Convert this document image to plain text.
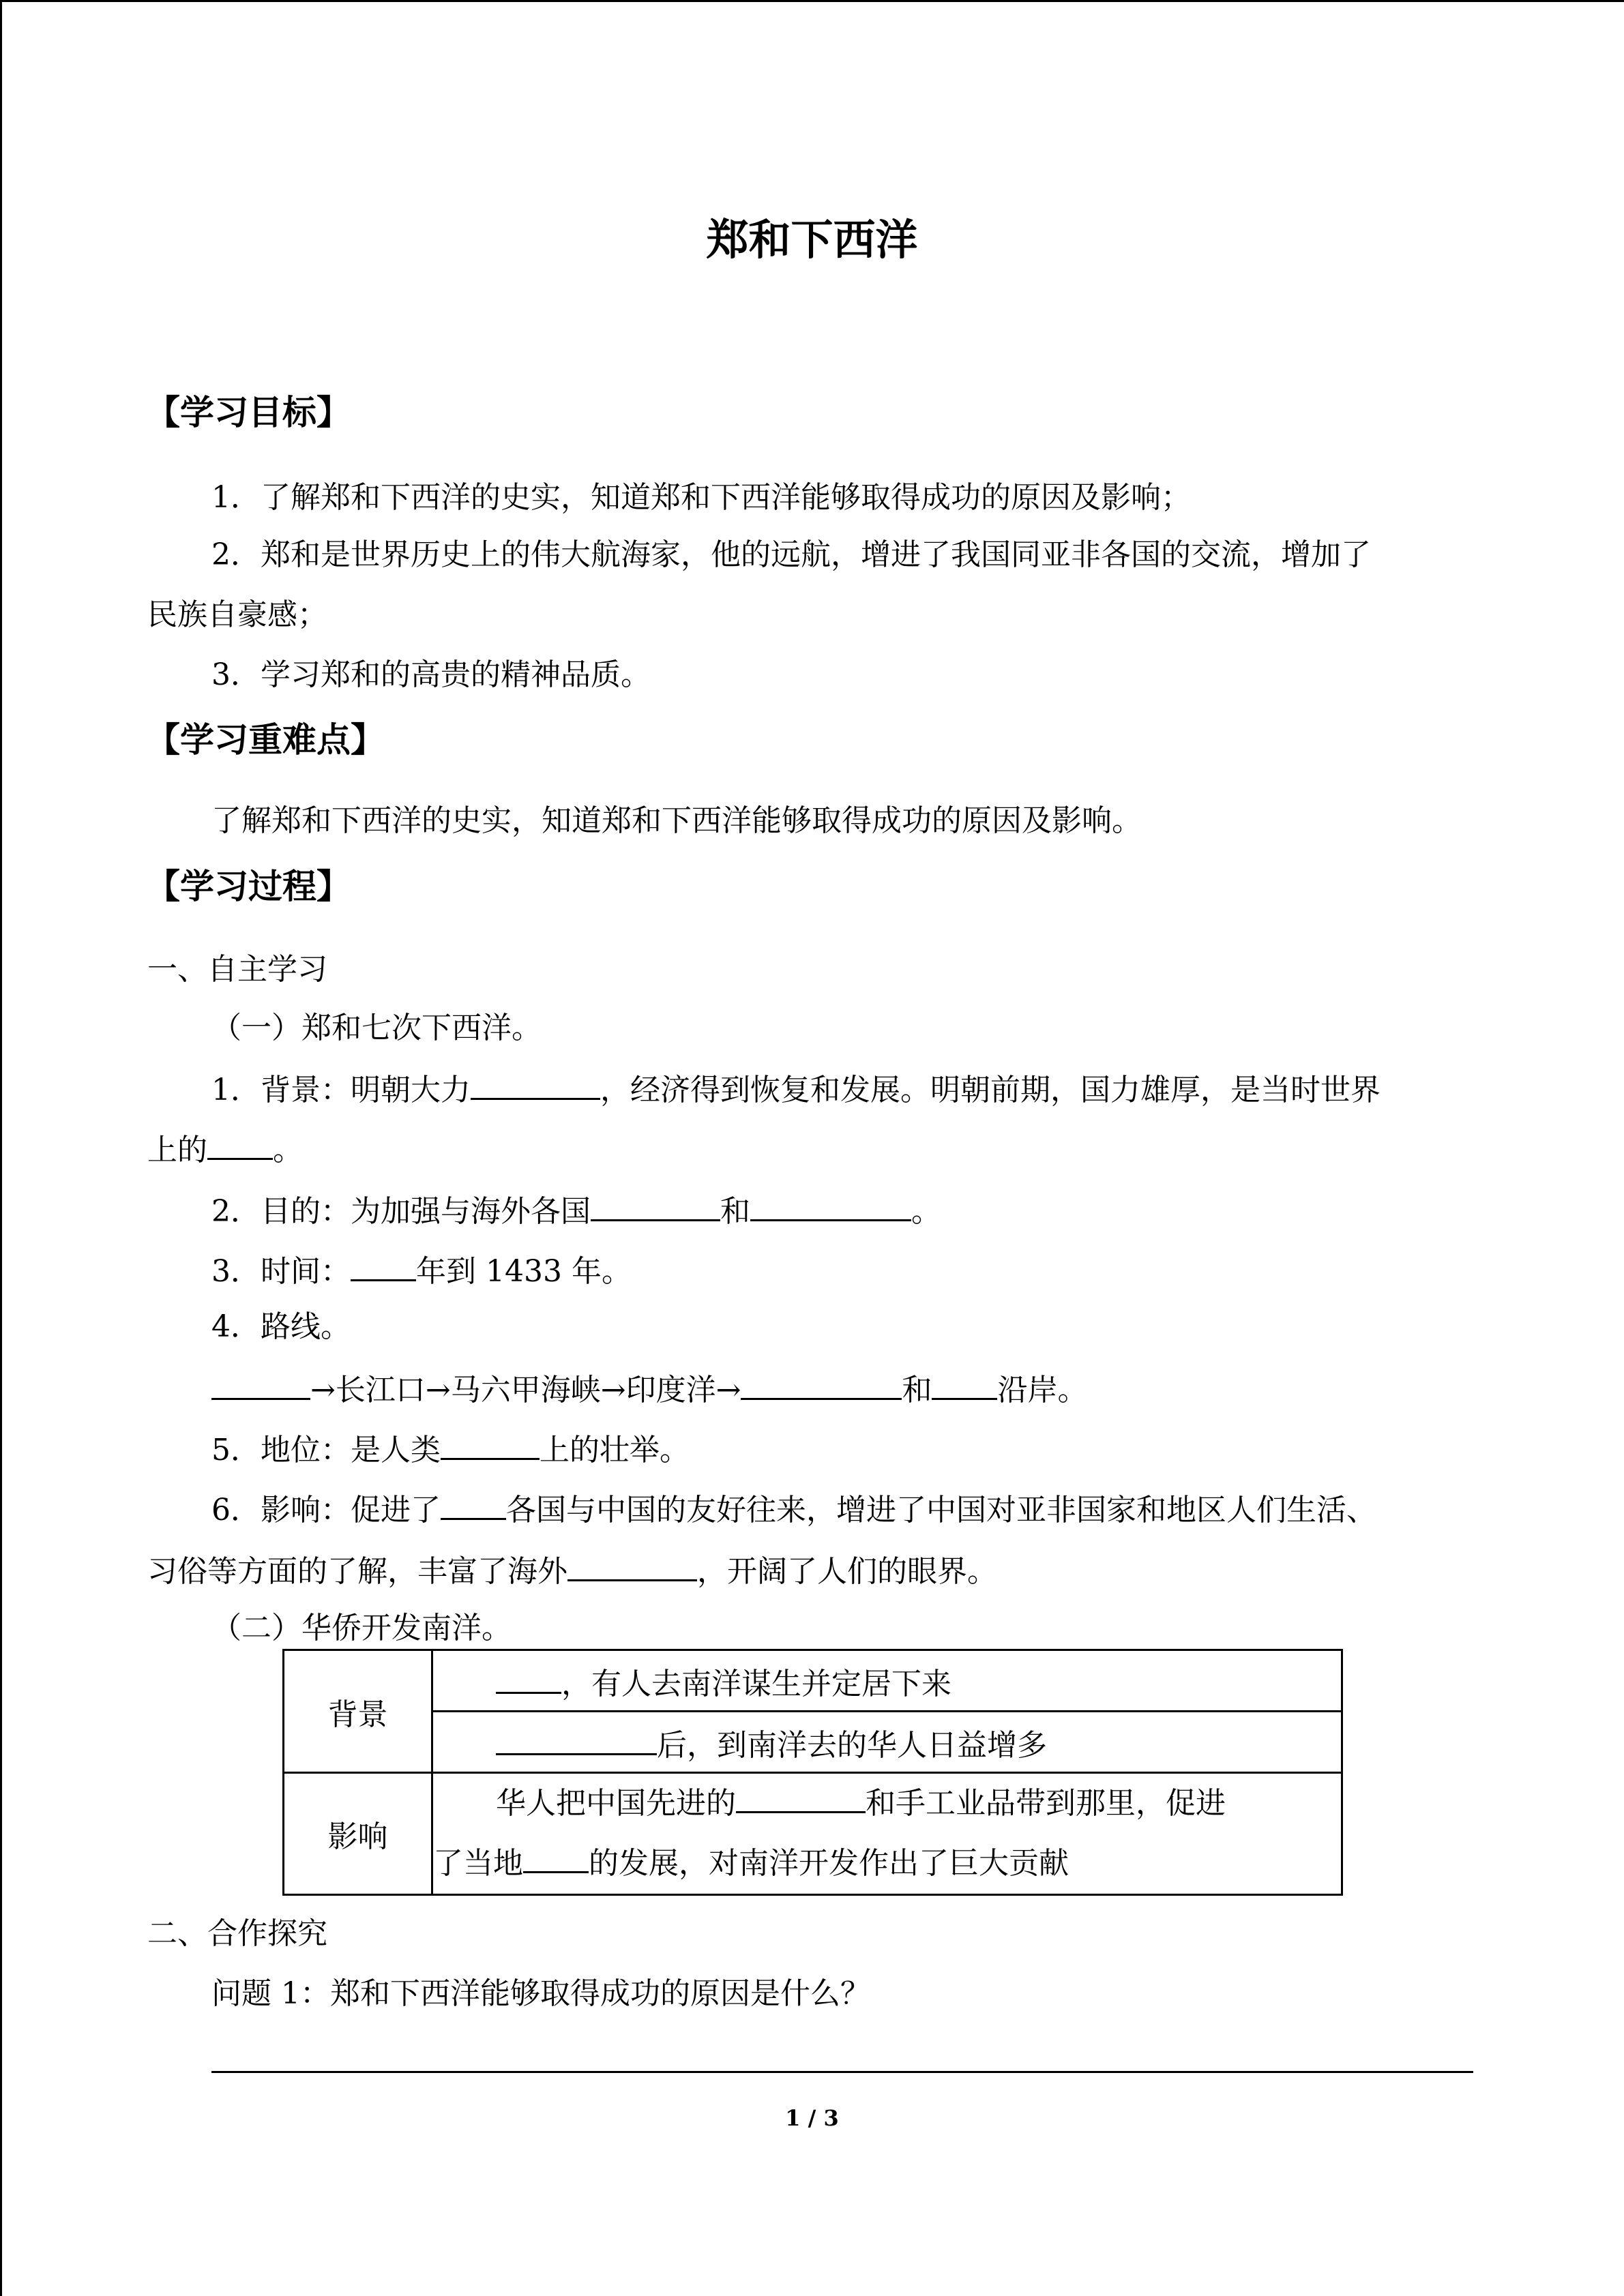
郑和下西洋
【学习目标】
1．了解郑和下西洋的史实，知道郑和下西洋能够取得成功的原因及影响；
2．郑和是世界历史上的伟大航海家，他的远航，增进了我国同亚非各国的交流，增加了
民族自豪感；
3．学习郑和的高贵的精神品质。
【学习重难点】
了解郑和下西洋的史实，知道郑和下西洋能够取得成功的原因及影响。
【学习过程】
一、自主学习
（一）郑和七次下西洋。
1．背景：明朝大力	，经济得到恢复和发展。明朝前期，国力雄厚，是当时世界
上的 。
2．目的：为加强与海外各国	和	。
3．时间： 年到 1433 年。
4．路线。
→长江口→马六甲海峡→印度洋→	和 沿岸。
5．地位：是人类	上的壮举。
6．影响：促进了 各国与中国的友好往来，增进了中国对亚非国家和地区人们生活、
习俗等方面的了解，丰富了海外	，开阔了人们的眼界。
（二）华侨开发南洋。
背景	，有人去南洋谋生并定居下来
	后，到南洋去的华人日益增多
影响	华人把中国先进的 和手工业品带到那里，促进
了当地 的发展，对南洋开发作出了巨大贡献
二、合作探究
问题 1：郑和下西洋能够取得成功的原因是什么？
1 / 3
